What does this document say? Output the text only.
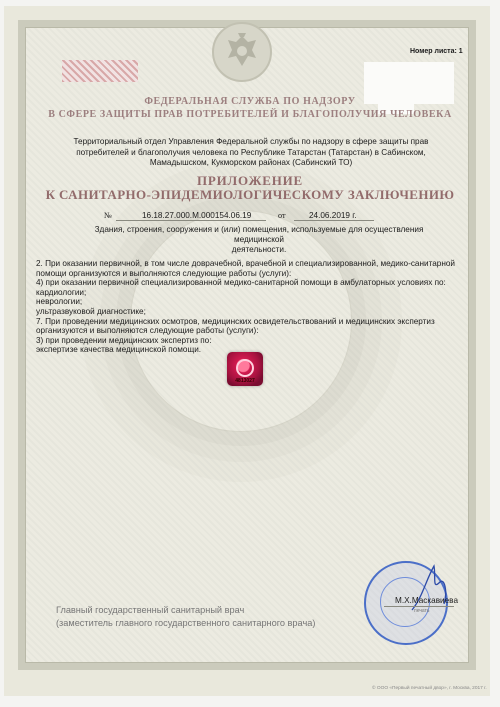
Номер листа: 1
ФЕДЕРАЛЬНАЯ СЛУЖБА ПО НАДЗОРУ
В СФЕРЕ ЗАЩИТЫ ПРАВ ПОТРЕБИТЕЛЕЙ И БЛАГОПОЛУЧИЯ ЧЕЛОВЕКА
Территориальный отдел Управления Федеральной службы по надзору в сфере защиты прав
потребителей и благополучия человека по Республике Татарстан (Татарстан) в Сабинском,
Мамадышском, Кукморском районах (Сабинский ТО)
ПРИЛОЖЕНИЕ
К САНИТАРНО-ЭПИДЕМИОЛОГИЧЕСКОМУ ЗАКЛЮЧЕНИЮ
№	16.18.27.000.М.000154.06.19	от	24.06.2019 г.
Здания, строения, сооружения и (или) помещения, используемые для осуществления медицинской
деятельности.
2. При оказании первичной, в том числе доврачебной, врачебной и специализированной, медико-санитарной
помощи организуются и выполняются следующие работы (услуги):
4) при оказании первичной специализированной медико-санитарной помощи в амбулаторных условиях по:
кардиологии;
неврологии;
ультразвуковой диагностике;
7. При проведении медицинских осмотров, медицинских освидетельствований и медицинских экспертиз
организуются и выполняются следующие работы (услуги):
3) при проведении медицинских экспертиз по:
экспертизе качества медицинской помощи.
4813027
Главный государственный санитарный врач
(заместитель главного государственного санитарного врача)
М.Х.Маскавиева
печать
© ООО «Первый печатный двор», г. Москва, 2017 г.
